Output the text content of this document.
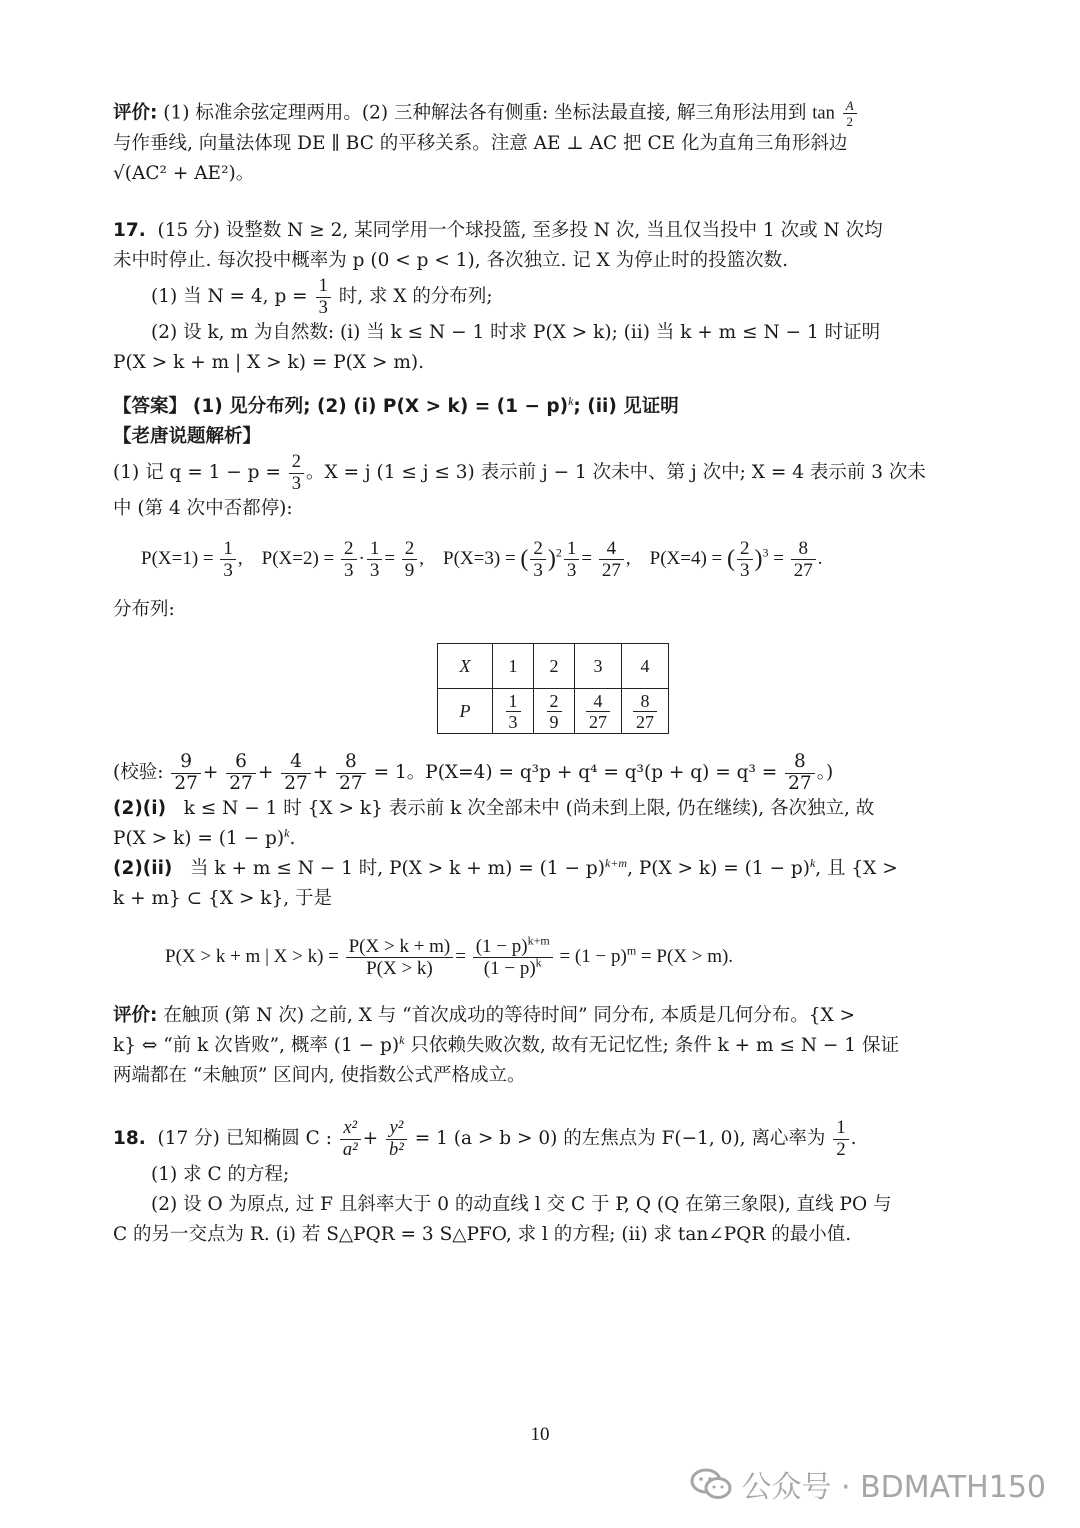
评价: (1) 标准余弦定理两用。(2) 三种解法各有侧重: 坐标法最直接, 解三角形法用到 $\tan \frac{A}{2}$

与作垂线, 向量法体现 DE ∥ BC 的平移关系。注意 AE ⊥ AC 把 CE 化为直角三角形斜边

√(AC² + AE²)。

17. (15 分) 设整数 N ≥ 2, 某同学用一个球投篮, 至多投 N 次, 当且仅当投中 1 次或 N 次均

未中时停止. 每次投中概率为 p (0 < p < 1), 各次独立. 记 X 为停止时的投篮次数.

(1) 当 N = 4, $p = \frac{1}{3}$ 时, 求 X 的分布列;

(2) 设 k, m 为自然数: (i) 当 k ≤ N − 1 时求 P(X > k); (ii) 当 k + m ≤ N − 1 时证明

P(X > k + m | X > k) = P(X > m).

【答案】 (1) 见分布列; (2) (i) $P(X > k) = (1 - p)^k$; (ii) 见证明

【老唐说题解析】

(1) 记 $q = 1 - p = \frac{2}{3}$ 。X = j (1 ≤ j ≤ 3) 表示前 j − 1 次未中、第 j 次中; X = 4 表示前 3 次未

中 (第 4 次中否都停):

$P(X=1) = \frac{1}{3}$ ,    $P(X=2) = \frac{2}{3} \cdot \frac{1}{3} = \frac{2}{9}$ ,    P(X=3) = ( $\frac{2}{3} )^2 \frac{1}{3} = \frac{4}{27}$ ,    P(X=4) = ( $\frac{2}{3} )^3 = \frac{8}{27}$ .

分布列:

X	1	2	3	4
P	$\frac{1}{3}$	$\frac{2}{9}$	$\frac{4}{27}$	$\frac{8}{27}$

(校验: $\frac{9}{27} + \frac{6}{27} + \frac{4}{27} + \frac{8}{27} = 1$。$P(X=4) = q^3p + q^4 = q^3(p + q) = q^3 = \frac{8}{27}$ 。)

(2)(i) k ≤ N − 1 时 {X > k} 表示前 k 次全部未中 (尚未到上限, 仍在继续), 各次独立, 故

$P(X > k) = (1 - p)^k$.

(2)(ii) 当 k + m ≤ N − 1 时, $P(X > k + m) = (1 - p)^{k+m}$, $P(X > k) = (1 - p)^k$, 且 {X >

k + m} ⊂ {X > k}, 于是

P(X > k + m | $X > k) = \frac{P(X > k + m)}{P(X > k)} = \frac{(1 - p)^{k+m}}{(1 - p)^k} = (1 - p)^m = P(X > m)$.

评价: 在触顶 (第 N 次) 之前, X 与 “首次成功的等待时间” 同分布, 本质是几何分布。{X >

k} ⇔ “前 k 次皆败”, 概率 $(1 - p)^k$ 只依赖失败次数, 故有无记忆性; 条件 k + m ≤ N − 1 保证

两端都在 “未触顶” 区间内, 使指数公式严格成立。

18. (17 分) 已知椭圆 C : $\frac{\text{x²}}{\text{a²}} + \frac{\text{y²}}{\text{b²}} = 1$ (a > b > 0) 的左焦点为 F(−1, 0), 离心率为 $\frac{1}{2}$ .

(1) 求 C 的方程;

(2) 设 O 为原点, 过 F 且斜率大于 0 的动直线 l 交 C 于 P, Q (Q 在第三象限), 直线 PO 与

C 的另一交点为 R. (i) 若 S△PQR = 3 S△PFO, 求 l 的方程; (ii) 求 tan∠PQR 的最小值.

10
公众号 · BDMATH150
